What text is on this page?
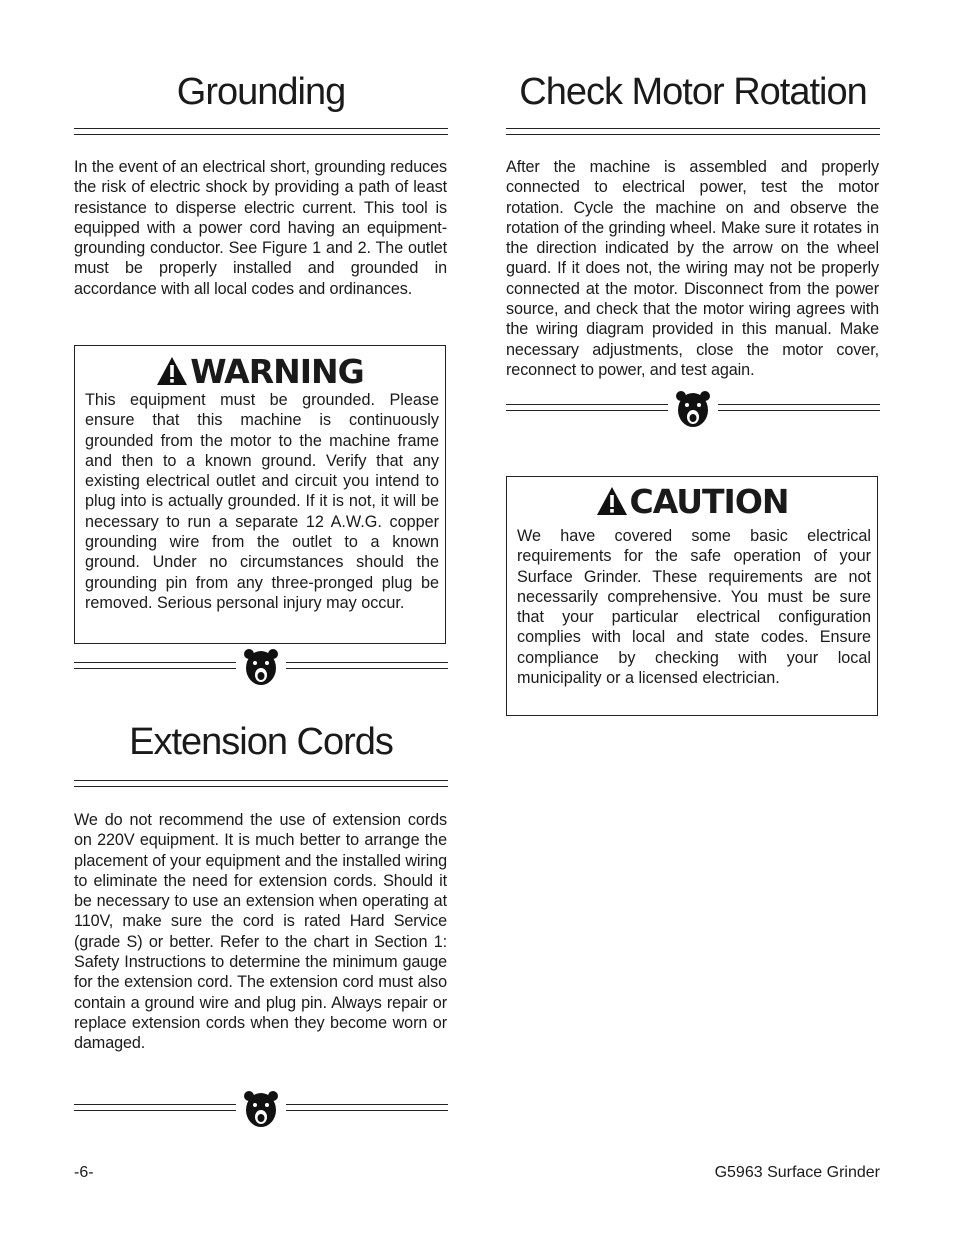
Grounding

In the event of an electrical short, grounding reduces the risk of electric shock by providing a path of least resistance to disperse electric current. This tool is equipped with a power cord having an equipment-grounding conductor. See Figure 1 and 2. The outlet must be properly installed and grounded in accordance with all local codes and ordinances.

WARNING

This equipment must be grounded. Please ensure that this machine is continuously grounded from the motor to the machine frame and then to a known ground. Verify that any existing electrical outlet and circuit you intend to plug into is actually grounded. If it is not, it will be necessary to run a separate 12 A.W.G. copper grounding wire from the outlet to a known ground. Under no circumstances should the grounding pin from any three-pronged plug be removed. Serious personal injury may occur.

Extension Cords

We do not recommend the use of extension cords on 220V equipment. It is much better to arrange the placement of your equipment and the installed wiring to eliminate the need for extension cords. Should it be necessary to use an extension when operating at 110V, make sure the cord is rated Hard Service (grade S) or better. Refer to the chart in Section 1: Safety Instructions to determine the minimum gauge for the extension cord. The extension cord must also contain a ground wire and plug pin. Always repair or replace extension cords when they become worn or damaged.

Check Motor Rotation

After the machine is assembled and properly connected to electrical power, test the motor rotation. Cycle the machine on and observe the rotation of the grinding wheel. Make sure it rotates in the direction indicated by the arrow on the wheel guard. If it does not, the wiring may not be properly connected at the motor. Disconnect from the power source, and check that the motor wiring agrees with the wiring diagram provided in this manual. Make necessary adjustments, close the motor cover, reconnect to power, and test again.

CAUTION

We have covered some basic electrical requirements for the safe operation of your Surface Grinder. These requirements are not necessarily comprehensive. You must be sure that your particular electrical configuration complies with local and state codes. Ensure compliance by checking with your local municipality or a licensed electrician.

-6-	G5963 Surface Grinder
